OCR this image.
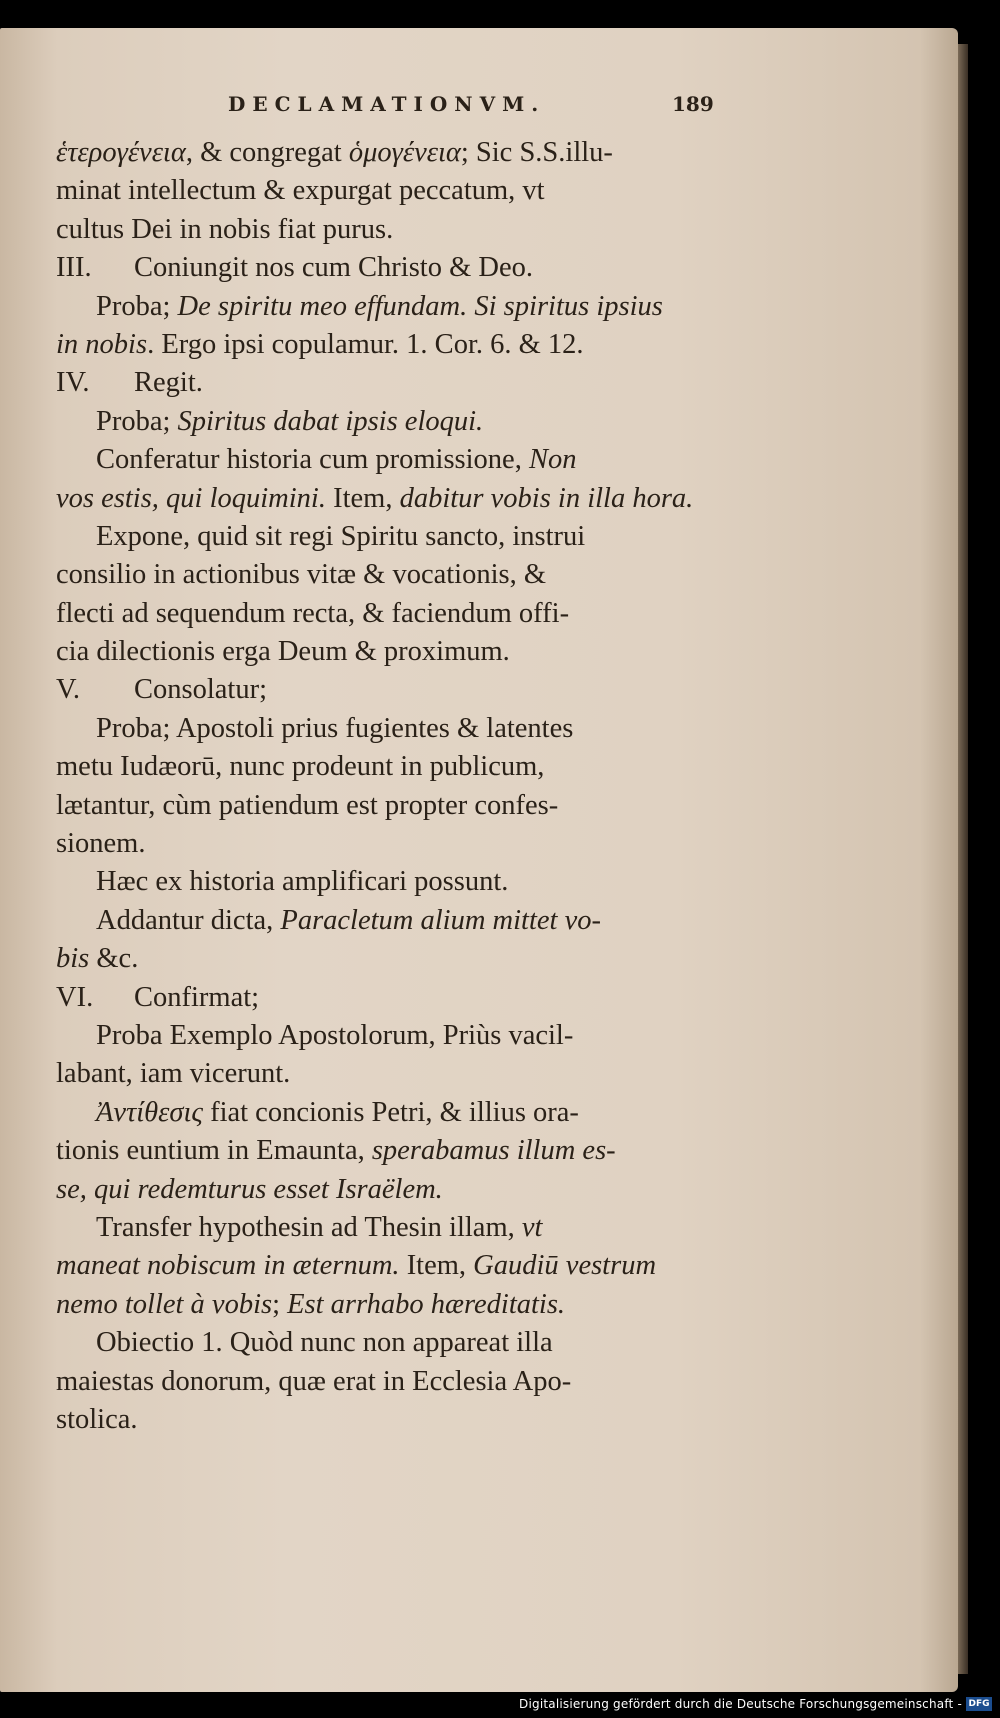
DECLAMATIONVM.	189
ἑτερογένεια, & congregat ὁμογένεια; Sic S.S.illu-
minat intellectum & expurgat peccatum, vt
cultus Dei in nobis fiat purus.
III. Coniungit nos cum Christo & Deo.
Proba; De spiritu meo effundam. Si spiritus ipsius
in nobis. Ergo ipsi copulamur. 1. Cor. 6. & 12.
IV. Regit.
Proba; Spiritus dabat ipsis eloqui.
Conferatur historia cum promissione, Non
vos estis, qui loquimini. Item, dabitur vobis in illa hora.
Expone, quid sit regi Spiritu sancto, instrui
consilio in actionibus vitæ & vocationis, &
flecti ad sequendum recta, & faciendum offi-
cia dilectionis erga Deum & proximum.
V. Consolatur;
Proba; Apostoli prius fugientes & latentes
metu Iudæorū, nunc prodeunt in publicum,
lætantur, cùm patiendum est propter confes-
sionem.
Hæc ex historia amplificari possunt.
Addantur dicta, Paracletum alium mittet vo-
bis &c.
VI. Confirmat;
Proba Exemplo Apostolorum, Priùs vacil-
labant, iam vicerunt.
Ἀντίθεσις fiat concionis Petri, & illius ora-
tionis euntium in Emaunta, sperabamus illum es-
se, qui redemturus esset Israëlem.
Transfer hypothesin ad Thesin illam, vt
maneat nobiscum in æternum. Item, Gaudiū vestrum
nemo tollet à vobis; Est arrhabo hæreditatis.
Obiectio 1. Quòd nunc non appareat illa
maiestas donorum, quæ erat in Ecclesia Apo-
stolica.
Digitalisierung gefördert durch die Deutsche Forschungsgemeinschaft - DFG
